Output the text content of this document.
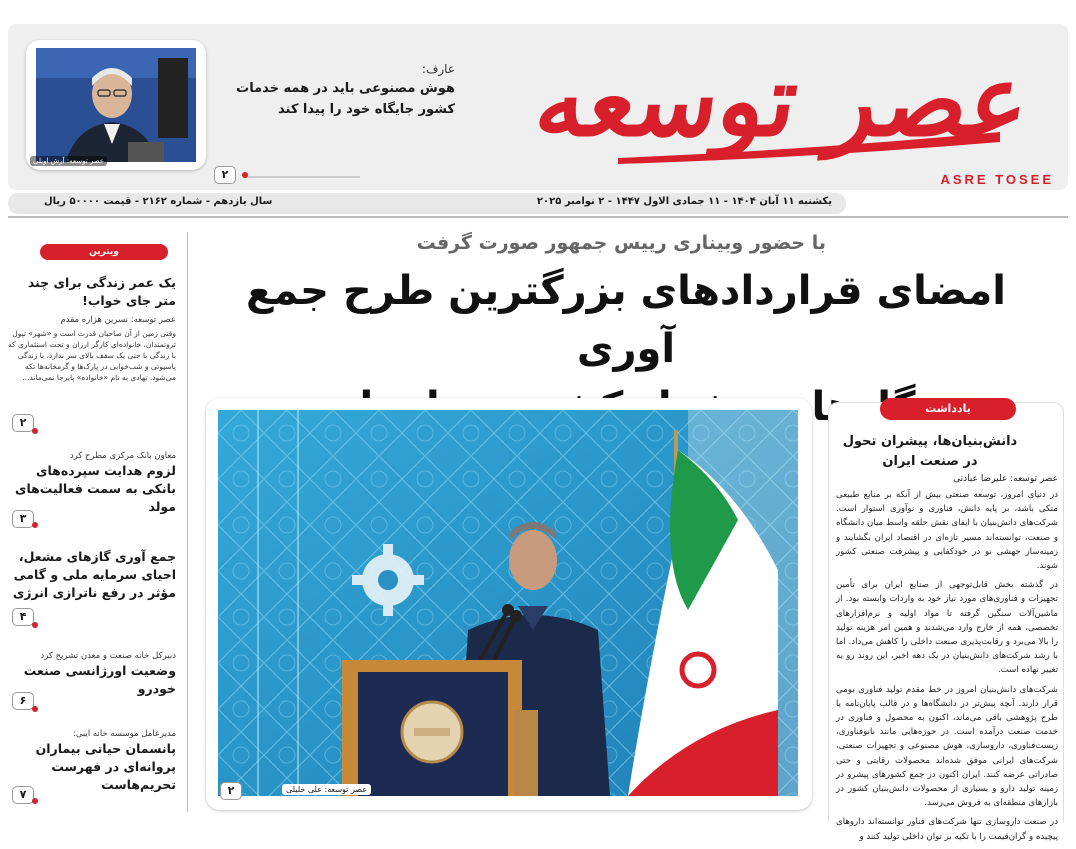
عصر توسعه
ASRE TOSEE
عصر توسعه: آرش اویلی
عارف:
هوش مصنوعی باید در همه خدمات کشور جایگاه خود را پیدا کند
۲
یکشنبه ۱۱ آبان ۱۴۰۴ - ۱۱ جمادی الاول ۱۴۴۷ - ۲ نوامبر ۲۰۲۵
سال یازدهم - شماره ۲۱۶۲ - قیمت ۵۰۰۰۰ ریال
ویترین
یک عمر زندگی برای چند متر جای خواب!
عصر توسعه: نسرین هزاره مقدم
وقتی زمین از آن صاحبان قدرت است و «شهر» تیول ثروتمندان، خانواده‌ای کارگر ارزان و تحت استثماری که با زندگی با حتی یک سقف بالای سر ندارد، با زندگی پاسیوتی و شب‌خوابی در پارک‌ها و گرمخانه‌ها تکه می‌شود. تهادی به نام «خانواده» پایرجا نمی‌ماند...
۲
معاون بانک مرکزی مطرح کرد
لزوم هدایت سپرده‌های بانکی به سمت فعالیت‌های مولد
۳
جمع آوری گازهای مشعل، احیای سرمایه ملی و گامی مؤثر در رفع ناترازی انرژی
۴
دبیرکل خانه صنعت و معدن تشریح کرد
وضعیت اورژانسی صنعت خودرو
۶
مدیرعامل موسسه خانه ایبی:
پانسمان حیاتی بیماران پروانه‌ای در فهرست تحریم‌هاست
۷
با حضور وبیناری رییس جمهور صورت گرفت
امضای قراردادهای بزرگترین طرح جمع آوری
عصر توسعه: علی خلیلی
۲
یادداشت
دانش‌بنیان‌ها، پیشران تحول در صنعت ایران
عصر توسعه: علیرضا عبادتی

در دنیای امروز، توسعه صنعتی بیش از آنکه بر منابع طبیعی متکی باشد، بر پایه دانش، فناوری و نوآوری استوار است. شرکت‌های دانش‌بنیان با ایفای نقش حلقه واسط میان دانشگاه و صنعت، توانسته‌اند مسیر تازه‌ای در اقتصاد ایران بگشایند و زمینه‌ساز جهشی نو در خودکفایی و پیشرفت صنعتی کشور شوند.

در گذشته بخش قابل‌توجهی از صنایع ایران برای تأمین تجهیزات و فناوری‌های مورد نیاز خود به واردات وابسته بود. از ماشین‌آلات سنگین گرفته تا مواد اولیه و نرم‌افزارهای تخصصی، همه از خارج وارد می‌شدند و همین امر هزینه تولید را بالا می‌برد و رقابت‌پذیری صنعت داخلی را کاهش می‌داد. اما با رشد شرکت‌های دانش‌بنیان در یک دهه اخیر، این روند رو به تغییر نهاده است.

شرکت‌های دانش‌بنیان امروز در خط مقدم تولید فناوری بومی قرار دارند. آنچه پیش‌تر در دانشگاه‌ها و در قالب پایان‌نامه یا طرح پژوهشی باقی می‌ماند، اکنون به محصول و فناوری در خدمت صنعت درآمده است. در حوزه‌هایی مانند نانوفناوری، زیست‌فناوری، داروسازی، هوش مصنوعی و تجهیزات صنعتی، شرکت‌های ایرانی موفق شده‌اند محصولات رقابتی و حتی صادراتی عرضه کنند. ایران اکنون در جمع کشورهای پیشرو در زمینه تولید دارو و بسیاری از محصولات دانش‌بنیان کشور در بازارهای منطقه‌ای به فروش می‌رسد.

در صنعت داروسازی تنها شرکت‌های فناور توانسته‌اند داروهای پیچیده و گران‌قیمت را با تکیه بر توان داخلی تولید کنند و
